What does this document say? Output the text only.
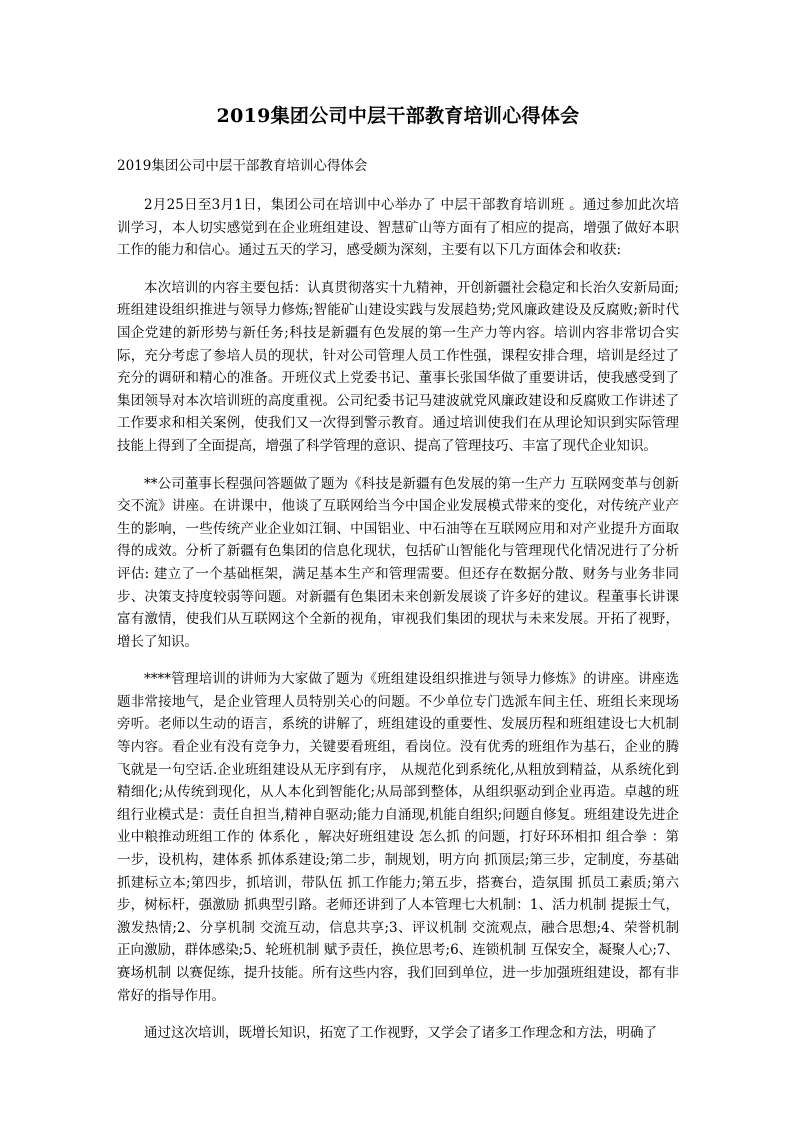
2019集团公司中层干部教育培训心得体会
2019集团公司中层干部教育培训心得体会

2月25日至3月1日，集团公司在培训中心举办了 中层干部教育培训班 。通过参加此次培训学习，本人切实感觉到在企业班组建设、智慧矿山等方面有了相应的提高，增强了做好本职工作的能力和信心。通过五天的学习，感受颇为深刻，主要有以下几方面体会和收获:

本次培训的内容主要包括：认真贯彻落实十九精神，开创新疆社会稳定和长治久安新局面;班组建设组织推进与领导力修炼;智能矿山建设实践与发展趋势;党风廉政建设及反腐败;新时代国企党建的新形势与新任务;科技是新疆有色发展的第一生产力等内容。培训内容非常切合实际，充分考虑了参培人员的现状，针对公司管理人员工作性强，课程安排合理，培训是经过了充分的调研和精心的准备。开班仪式上党委书记、董事长张国华做了重要讲话，使我感受到了集团领导对本次培训班的高度重视。公司纪委书记马建波就党风廉政建设和反腐败工作讲述了工作要求和相关案例，使我们又一次得到警示教育。通过培训使我们在从理论知识到实际管理技能上得到了全面提高，增强了科学管理的意识、提高了管理技巧、丰富了现代企业知识。

**公司董事长程强问答题做了题为《科技是新疆有色发展的第一生产力 互联网变革与创新交不流》讲座。在讲课中，他谈了互联网给当今中国企业发展模式带来的变化，对传统产业产生的影响，一些传统产业企业如江铜、中国铝业、中石油等在互联网应用和对产业提升方面取得的成效。分析了新疆有色集团的信息化现状，包括矿山智能化与管理现代化情况进行了分析评估: 建立了一个基础框架，满足基本生产和管理需要。但还存在数据分散、财务与业务非同步、决策支持度较弱等问题。对新疆有色集团未来创新发展谈了许多好的建议。程董事长讲课富有激情，使我们从互联网这个全新的视角，审视我们集团的现状与未来发展。开拓了视野，增长了知识。

****管理培训的讲师为大家做了题为《班组建设组织推进与领导力修炼》的讲座。讲座选题非常接地气，是企业管理人员特别关心的问题。不少单位专门选派车间主任、班组长来现场旁听。老师以生动的语言，系统的讲解了，班组建设的重要性、发展历程和班组建设七大机制等内容。看企业有没有竞争力，关键要看班组，看岗位。没有优秀的班组作为基石，企业的腾飞就是一句空话.企业班组建设从无序到有序， 从规范化到系统化,从粗放到精益，从系统化到精细化;从传统到现化，从人本化到智能化;从局部到整体，从组织驱动到企业再造。卓越的班组行业模式是：责任自担当,精神自驱动;能力自涌现,机能自组织;问题自修复。班组建设先进企业中粮推动班组工作的 体系化 ，解决好班组建设 怎么抓 的问题，打好环环相扣 组合拳 ：第一步，设机构，建体系 抓体系建设;第二步，制规划，明方向 抓顶层;第三步，定制度，夯基础 抓建标立本;第四步，抓培训，带队伍 抓工作能力;第五步，搭赛台，造氛围 抓员工素质;第六步，树标杆，强激励 抓典型引路。老师还讲到了人本管理七大机制：1、活力机制 提振士气，激发热情;2、分享机制 交流互动，信息共享;3、评议机制 交流观点，融合思想;4、荣誉机制 正向激励，群体感染;5、轮班机制 赋予责任，换位思考;6、连锁机制 互保安全，凝聚人心;7、赛场机制 以赛促练，提升技能。所有这些内容，我们回到单位，进一步加强班组建设，都有非常好的指导作用。

通过这次培训，既增长知识，拓宽了工作视野，又学会了诸多工作理念和方法，明确了
